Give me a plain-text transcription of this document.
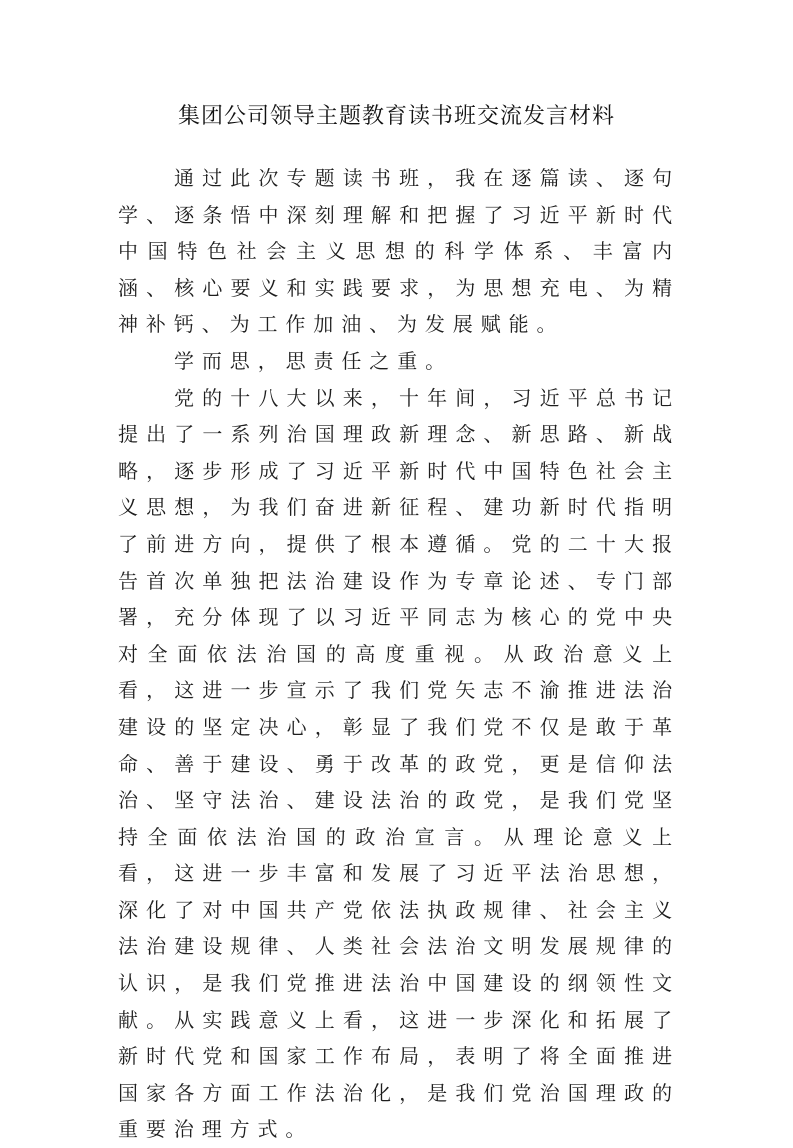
集团公司领导主题教育读书班交流发言材料

通过此次专题读书班，我在逐篇读、逐句学、逐条悟中深刻理解和把握了习近平新时代中国特色社会主义思想的科学体系、丰富内涵、核心要义和实践要求，为思想充电、为精神补钙、为工作加油、为发展赋能。

学而思，思责任之重。

党的十八大以来，十年间，习近平总书记提出了一系列治国理政新理念、新思路、新战略，逐步形成了习近平新时代中国特色社会主义思想，为我们奋进新征程、建功新时代指明了前进方向，提供了根本遵循。党的二十大报告首次单独把法治建设作为专章论述、专门部署，充分体现了以习近平同志为核心的党中央对全面依法治国的高度重视。从政治意义上看，这进一步宣示了我们党矢志不渝推进法治建设的坚定决心，彰显了我们党不仅是敢于革命、善于建设、勇于改革的政党，更是信仰法治、坚守法治、建设法治的政党，是我们党坚持全面依法治国的政治宣言。从理论意义上看，这进一步丰富和发展了习近平法治思想，深化了对中国共产党依法执政规律、社会主义法治建设规律、人类社会法治文明发展规律的认识，是我们党推进法治中国建设的纲领性文献。从实践意义上看，这进一步深化和拓展了新时代党和国家工作布局，表明了将全面推进国家各方面工作法治化，是我们党治国理政的重要治理方式。
